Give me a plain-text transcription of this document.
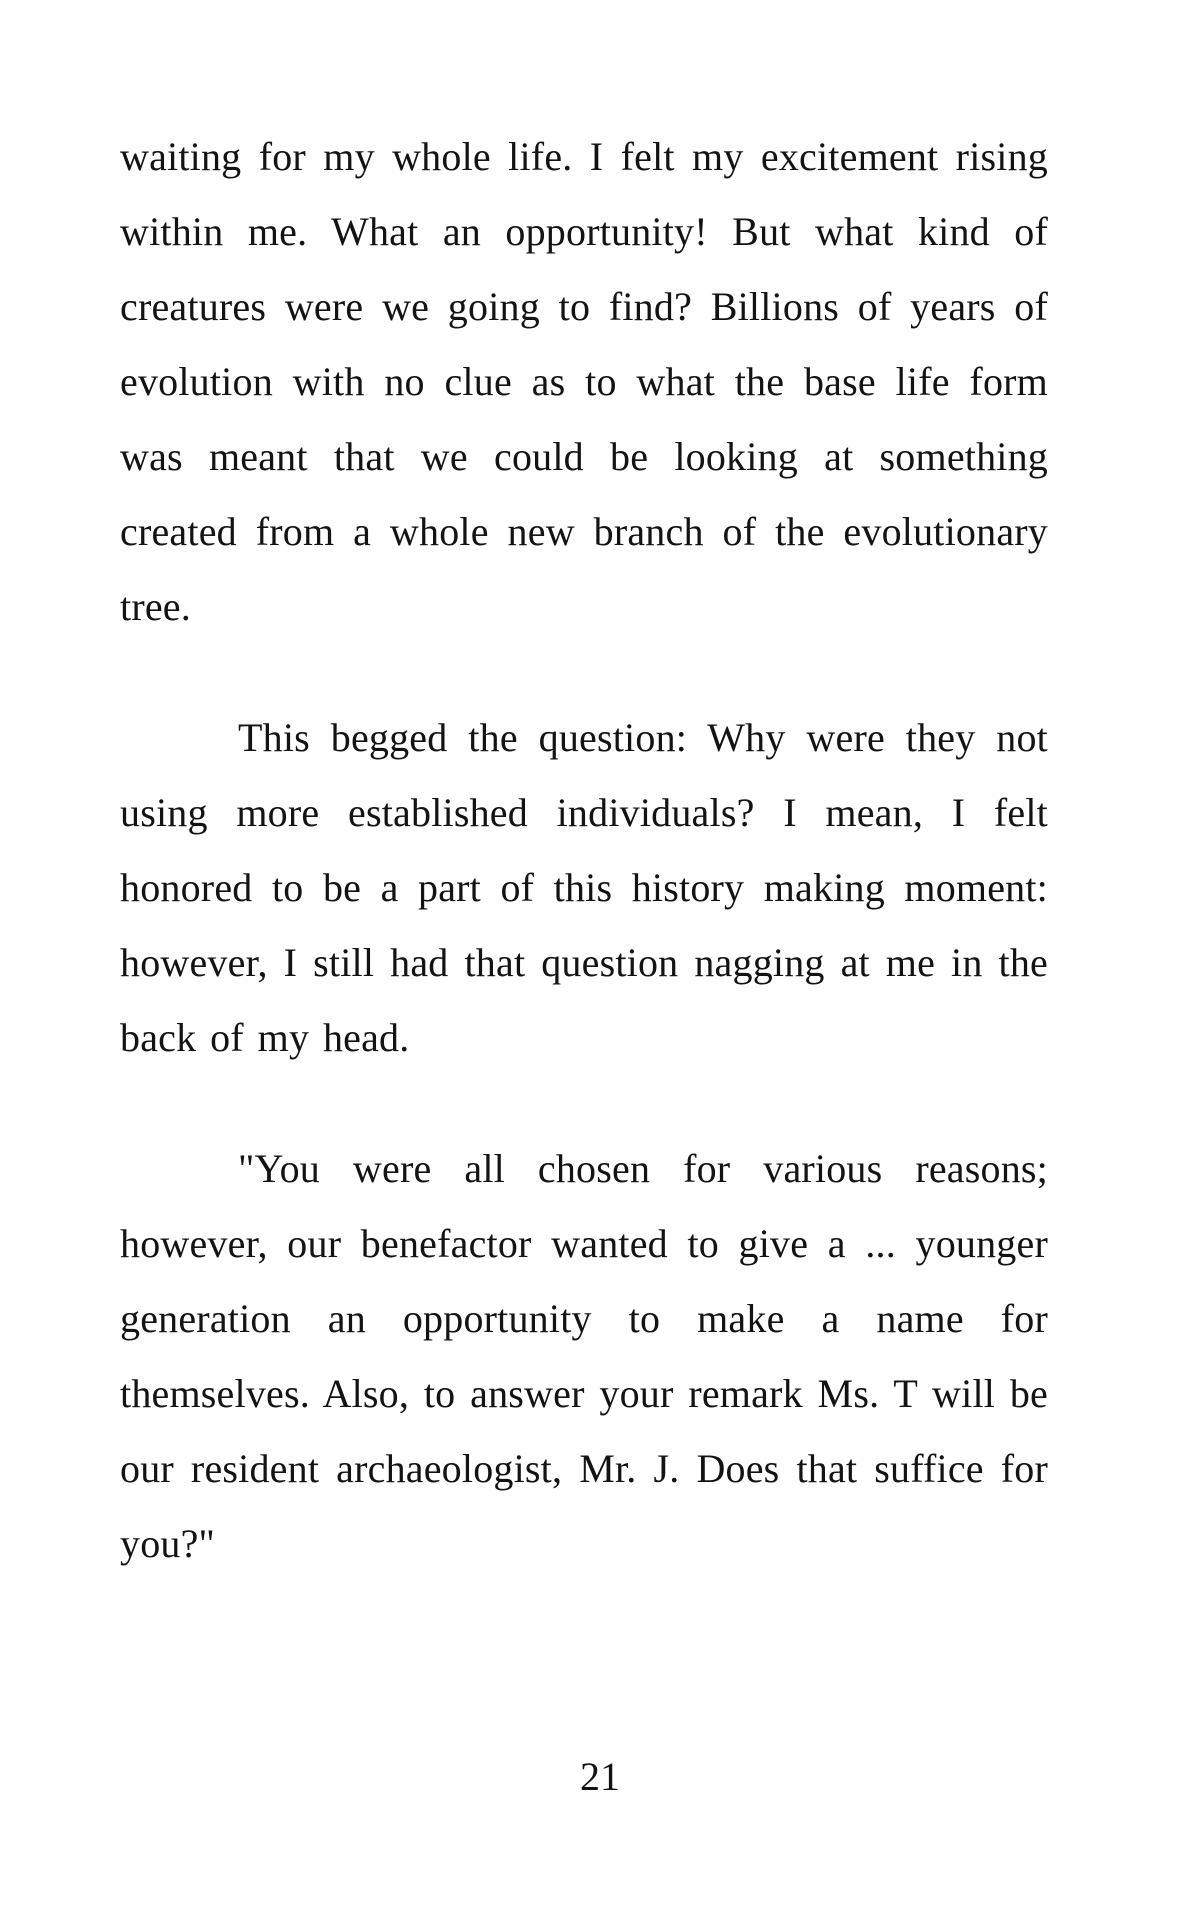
waiting for my whole life. I felt my excitement rising within me. What an opportunity! But what kind of creatures were we going to find? Billions of years of evolution with no clue as to what the base life form was meant that we could be looking at something created from a whole new branch of the evolutionary tree.

This begged the question: Why were they not using more established individuals? I mean, I felt honored to be a part of this history making moment: however, I still had that question nagging at me in the back of my head.

"You were all chosen for various reasons; however, our benefactor wanted to give a ... younger generation an opportunity to make a name for themselves. Also, to answer your remark Ms. T will be our resident archaeologist, Mr. J. Does that suffice for you?"

21
